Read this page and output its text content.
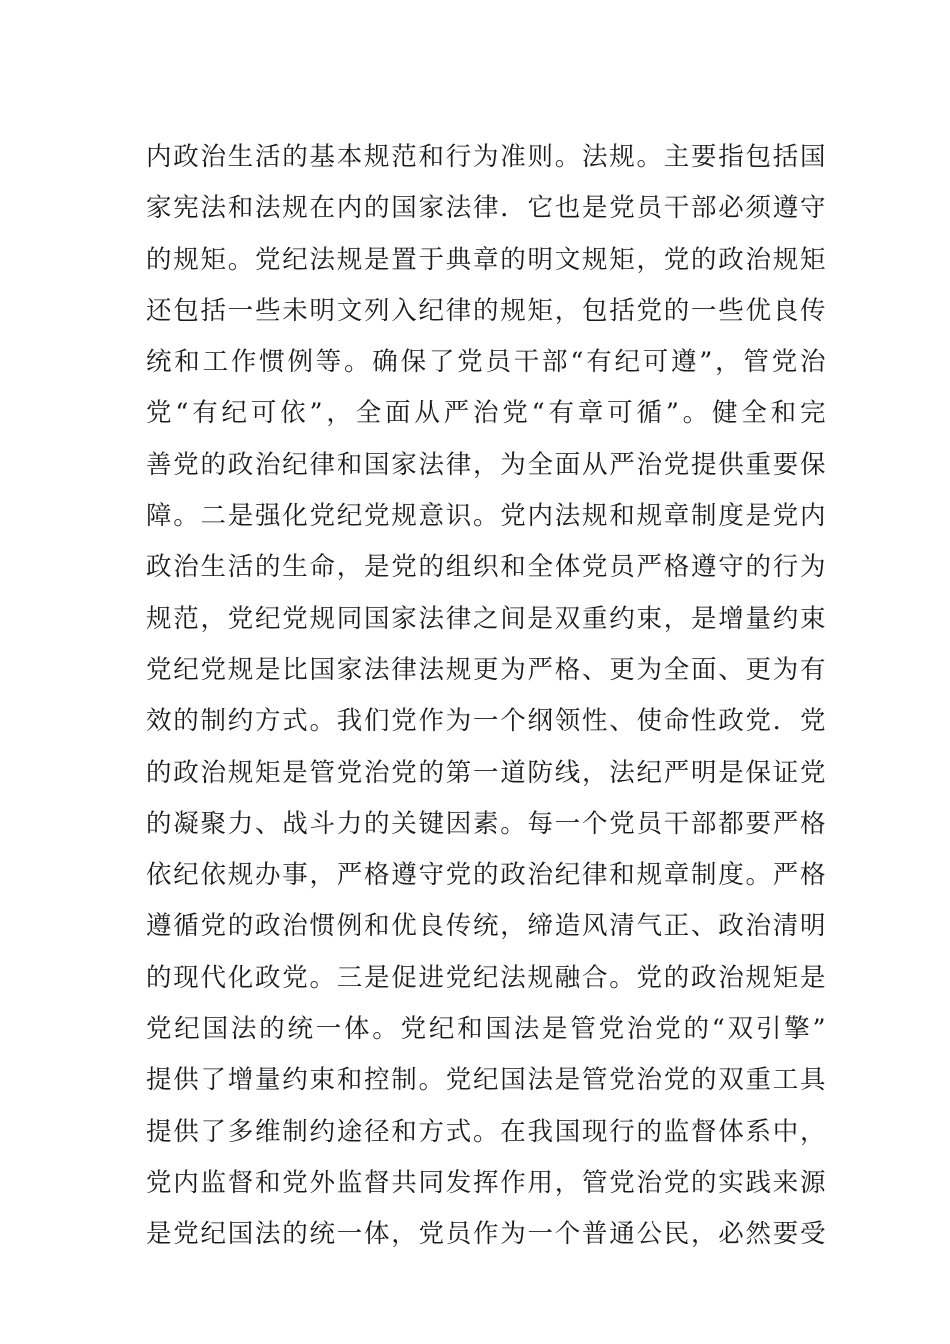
内政治生活的基本规范和行为准则。法规。主要指包括国
家宪法和法规在内的国家法律．它也是党员干部必须遵守
的规矩。党纪法规是置于典章的明文规矩，党的政治规矩
还包括一些未明文列入纪律的规矩，包括党的一些优良传
统和工作惯例等。确保了党员干部“有纪可遵”，管党治
党“有纪可依”，全面从严治党“有章可循”。健全和完
善党的政治纪律和国家法律，为全面从严治党提供重要保
障。二是强化党纪党规意识。党内法规和规章制度是党内
政治生活的生命，是党的组织和全体党员严格遵守的行为
规范，党纪党规同国家法律之间是双重约束，是增量约束
党纪党规是比国家法律法规更为严格、更为全面、更为有
效的制约方式。我们党作为一个纲领性、使命性政党．党
的政治规矩是管党治党的第一道防线，法纪严明是保证党
的凝聚力、战斗力的关键因素。每一个党员干部都要严格
依纪依规办事，严格遵守党的政治纪律和规章制度。严格
遵循党的政治惯例和优良传统，缔造风清气正、政治清明
的现代化政党。三是促进党纪法规融合。党的政治规矩是
党纪国法的统一体。党纪和国法是管党治党的“双引擎”
提供了增量约束和控制。党纪国法是管党治党的双重工具
提供了多维制约途径和方式。在我国现行的监督体系中，
党内监督和党外监督共同发挥作用，管党治党的实践来源
是党纪国法的统一体，党员作为一个普通公民，必然要受
